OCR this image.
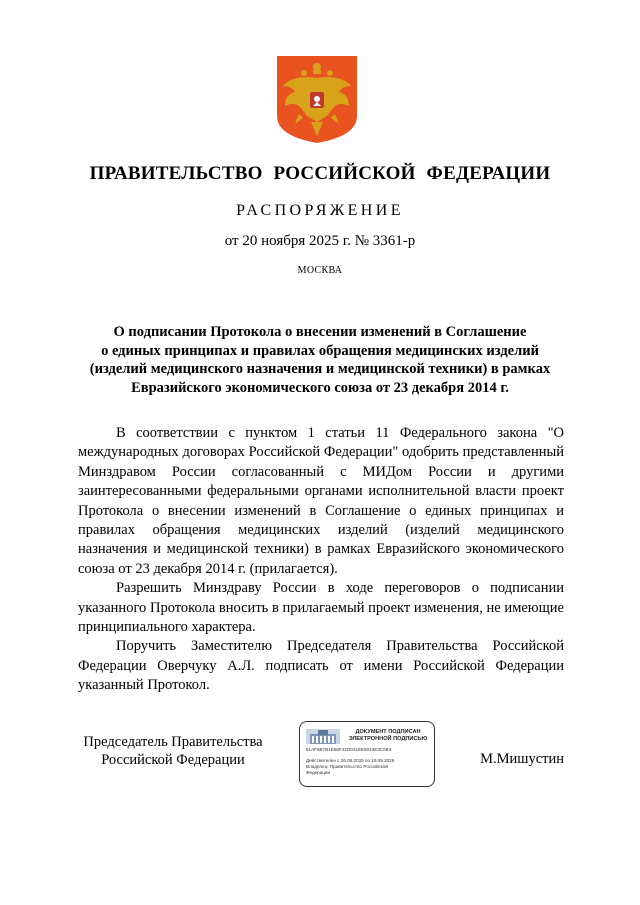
ПРАВИТЕЛЬСТВО РОССИЙСКОЙ ФЕДЕРАЦИИ
РАСПОРЯЖЕНИЕ
от 20 ноября 2025 г. № 3361-р
МОСКВА
О подписании Протокола о внесении изменений в Соглашение
о единых принципах и правилах обращения медицинских изделий
(изделий медицинского назначения и медицинской техники) в рамках
Евразийского экономического союза от 23 декабря 2014 г.

В соответствии с пунктом 1 статьи 11 Федерального закона "О международных договорах Российской Федерации" одобрить представленный Минздравом России согласованный с МИДом России и другими заинтересованными федеральными органами исполнительной власти проект Протокола о внесении изменений в Соглашение о единых принципах и правилах обращения медицинских изделий (изделий медицинского назначения и медицинской техники) в рамках Евразийского экономического союза от 23 декабря 2014 г. (прилагается).

Разрешить Минздраву России в ходе переговоров о подписании указанного Протокола вносить в прилагаемый проект изменения, не имеющие принципиального характера.

Поручить Заместителю Председателя Правительства Российской Федерации Оверчуку А.Л. подписать от имени Российской Федерации указанный Протокол.

Председатель Правительства
Российской Федерации
ДОКУМЕНТ ПОДПИСАН
ЭЛЕКТРОННОЙ ПОДПИСЬЮ
51AF6B7B1E66F42D041EE5043E3C0E3
Действителен с 26.06.2025 по 19.09.2026
Владелец: Правительство Российской
Федерации
М.Мишустин
